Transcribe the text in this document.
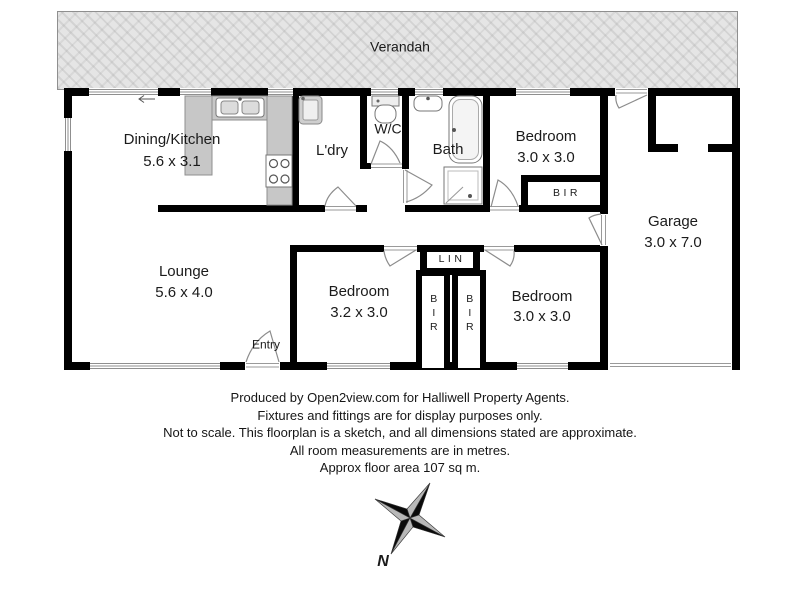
Verandah
Dining/Kitchen
5.6 x 3.1
L'dry
W/C
Bath
Bedroom
3.0 x 3.0
BIR
Garage
3.0 x 7.0
Lounge
5.6 x 4.0	Bedroom
3.2 x 3.0
Bedroom
3.0 x 3.0
LIN
BIR BIR
Entry
N
Produced by Open2view.com for Halliwell Property Agents.
Fixtures and fittings are for display purposes only.
Not to scale. This floorplan is a sketch, and all dimensions stated are approximate.
All room measurements are in metres.
Approx floor area 107 sq m.
